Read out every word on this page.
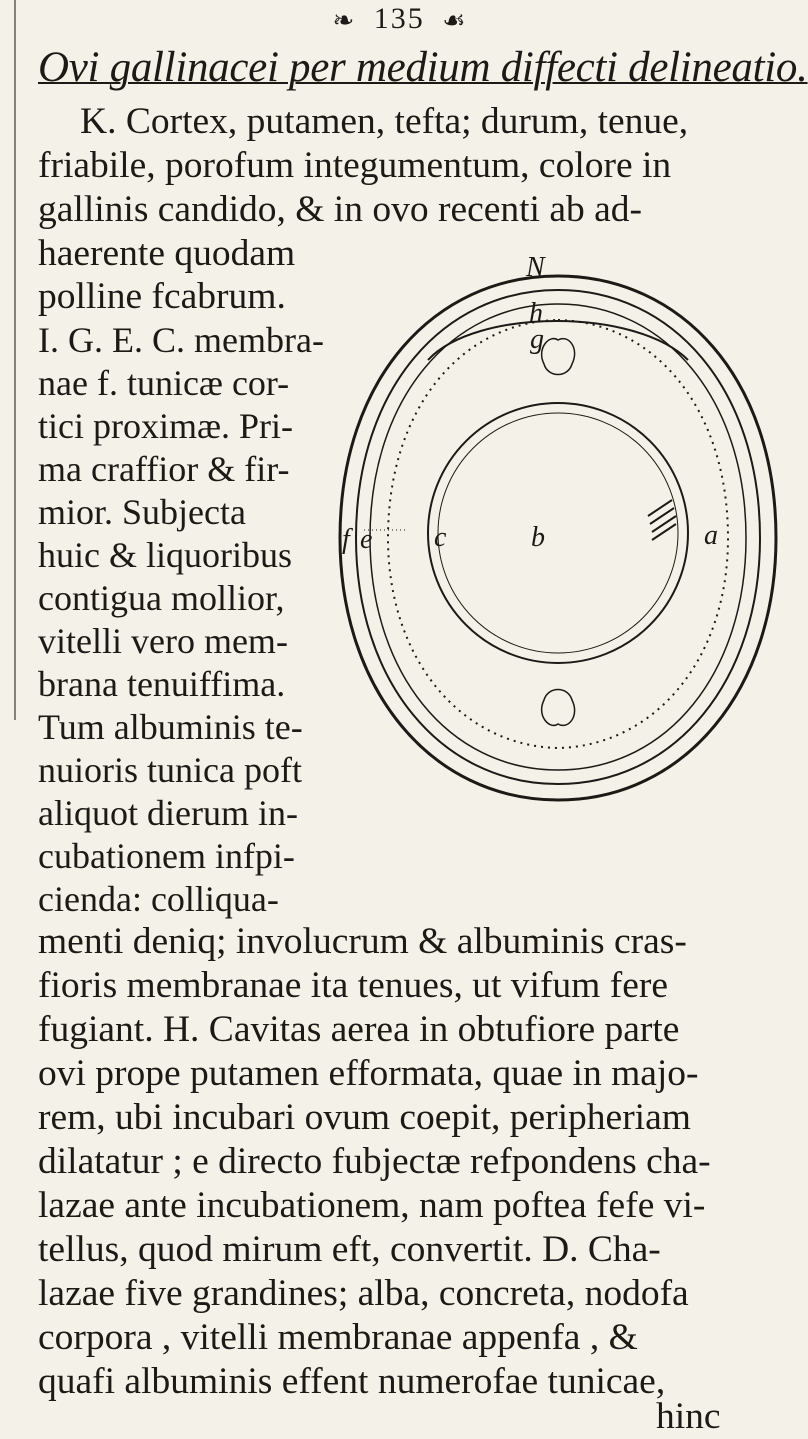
❧ 135 ☙
Ovi gallinacei per medium diffecti delineatio.
K. Cortex, putamen, tefta; durum, tenue,
friabile, porofum integumentum, colore in
gallinis candido, & in ovo recenti ab ad-
haerente quodam
polline fcabrum.
I. G. E. C. membra-
nae f. tunicæ cor-
tici proximæ. Pri-
ma craffior & fir-
mior. Subjecta
huic & liquoribus
contigua mollior,
vitelli vero mem-
brana tenuiffima.
Tum albuminis te-
nuioris tunica poft
aliquot dierum in-
cubationem infpi-
cienda: colliqua-
menti deniq; involucrum & albuminis cras-
fioris membranae ita tenues, ut vifum fere
fugiant. H. Cavitas aerea in obtufiore parte
ovi prope putamen efformata, quae in majo-
rem, ubi incubari ovum coepit, peripheriam
dilatatur ; e directo fubjectæ refpondens cha-
lazae ante incubationem, nam poftea fefe vi-
tellus, quod mirum eft, convertit. D. Cha-
lazae five grandines; alba, concreta, nodofa
corpora , vitelli membranae appenfa , &
quafi albuminis effent numerofae tunicae,
hinc
N
h
g
f e c	b	a
